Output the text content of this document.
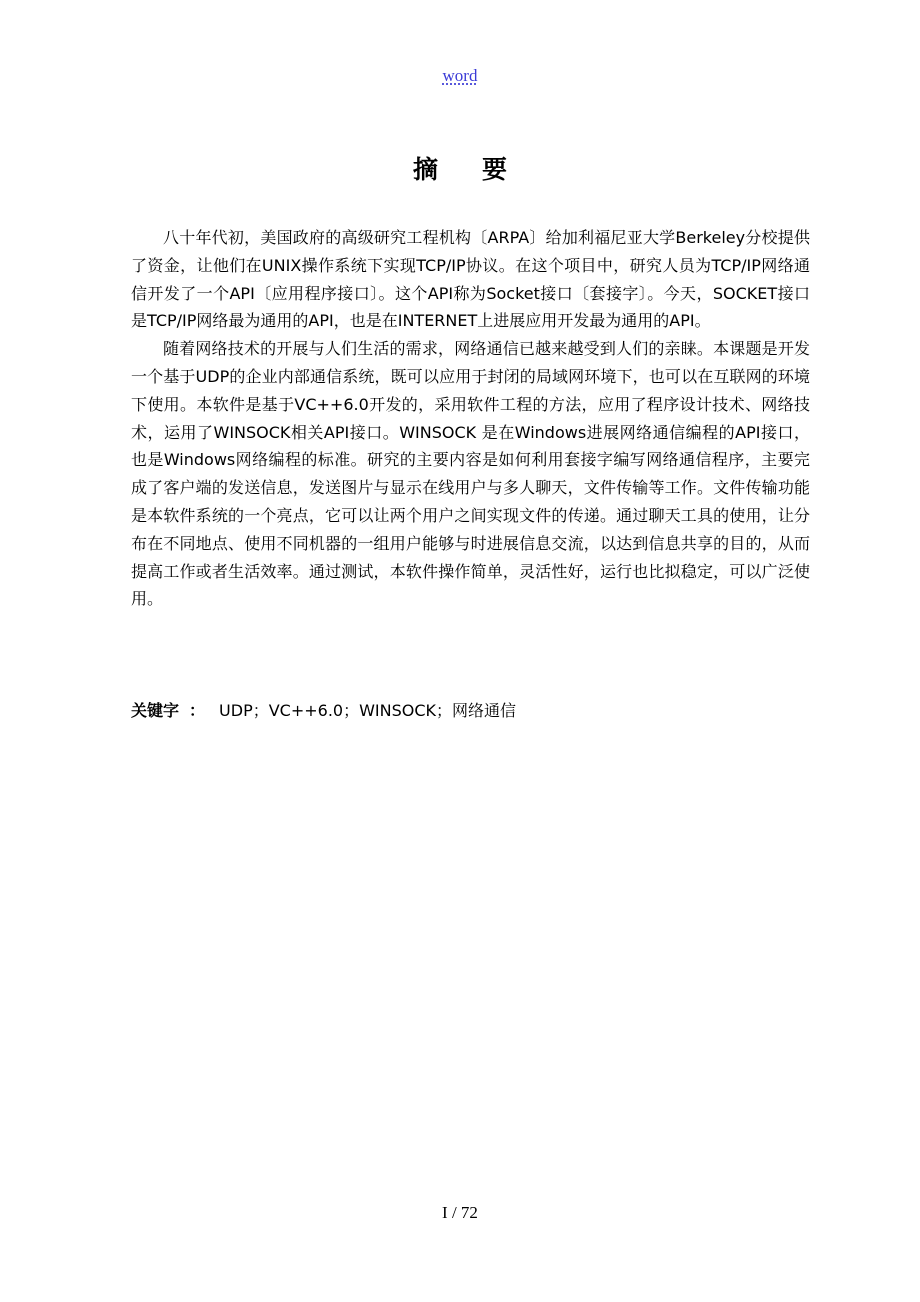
word
摘要

八十年代初，美国政府的高级研究工程机构〔ARPA〕给加利福尼亚大学Berkeley分校提供了资金，让他们在UNIX操作系统下实现TCP/IP协议。在这个项目中，研究人员为TCP/IP网络通信开发了一个API〔应用程序接口〕。这个API称为Socket接口〔套接字〕。今天，SOCKET接口是TCP/IP网络最为通用的API，也是在INTERNET上进展应用开发最为通用的API。

随着网络技术的开展与人们生活的需求，网络通信已越来越受到人们的亲睐。本课题是开发一个基于UDP的企业内部通信系统，既可以应用于封闭的局域网环境下，也可以在互联网的环境下使用。本软件是基于VC++6.0开发的，采用软件工程的方法，应用了程序设计技术、网络技术，运用了WINSOCK相关API接口。WINSOCK 是在Windows进展网络通信编程的API接口，也是Windows网络编程的标准。研究的主要内容是如何利用套接字编写网络通信程序，主要完成了客户端的发送信息，发送图片与显示在线用户与多人聊天，文件传输等工作。文件传输功能是本软件系统的一个亮点，它可以让两个用户之间实现文件的传递。通过聊天工具的使用，让分布在不同地点、使用不同机器的一组用户能够与时进展信息交流，以达到信息共享的目的，从而提高工作或者生活效率。通过测试，本软件操作简单，灵活性好，运行也比拟稳定，可以广泛使用。

关键字 ： UDP；VC++6.0；WINSOCK；网络通信
I / 72
